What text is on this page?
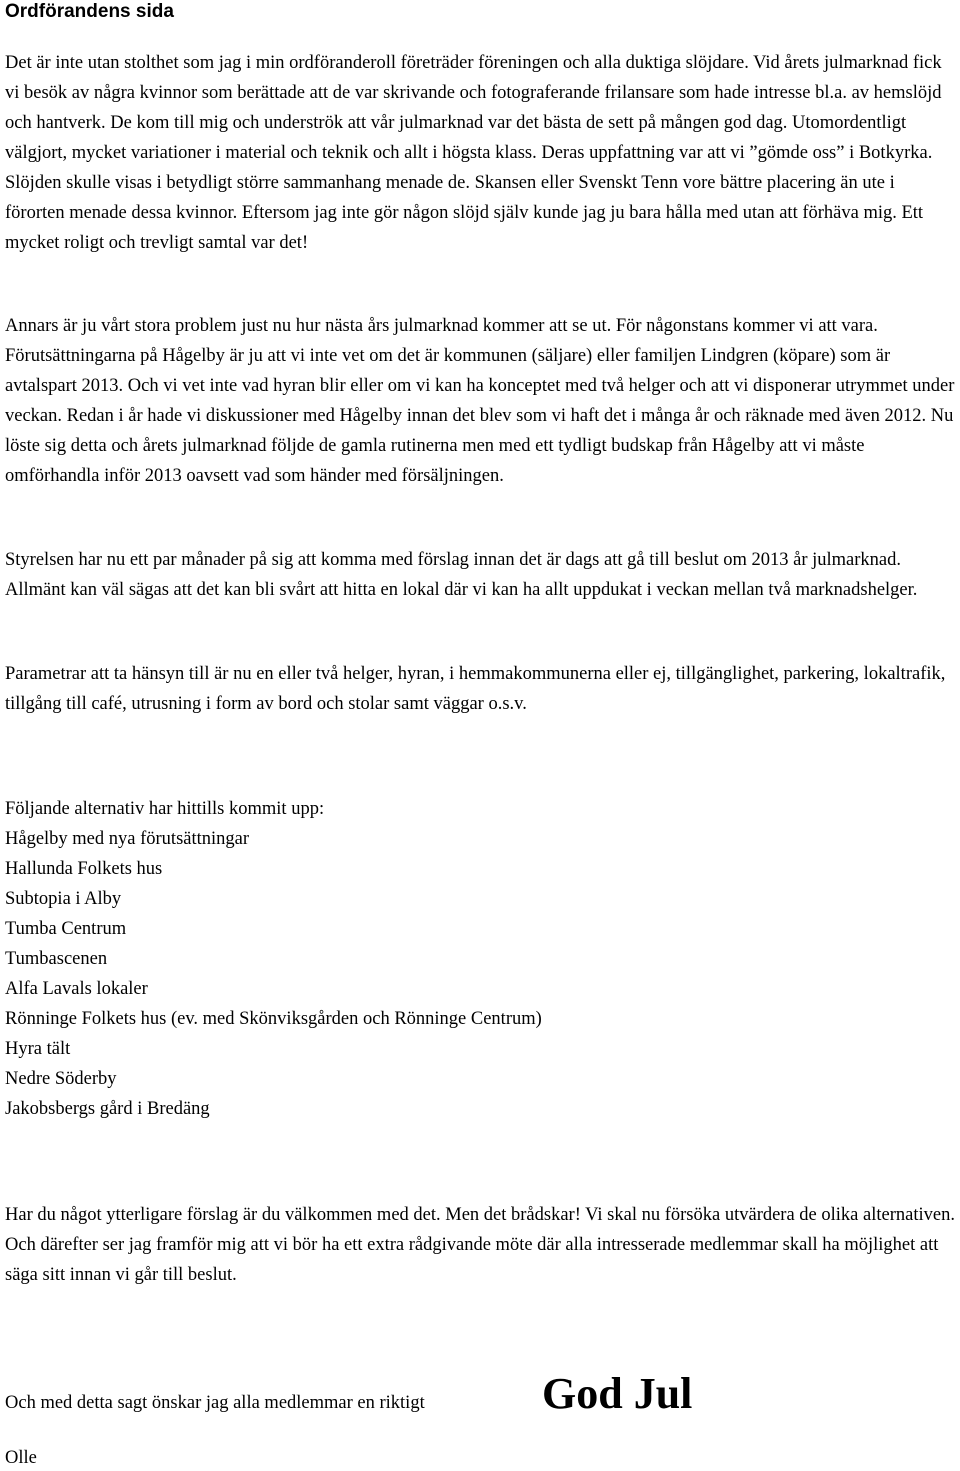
Ordförandens sida

Det är inte utan stolthet som jag i min ordföranderoll företräder föreningen och alla duktiga slöjdare. Vid årets julmarknad fick vi besök av några kvinnor som berättade att de var skrivande och fotograferande frilansare som hade intresse bl.a. av hemslöjd och hantverk. De kom till mig och underströk att vår julmarknad var det bästa de sett på mången god dag. Utomordentligt välgjort, mycket variationer i material och teknik och allt i högsta klass. Deras uppfattning var att vi ”gömde oss” i Botkyrka. Slöjden skulle visas i betydligt större sammanhang menade de. Skansen eller Svenskt Tenn vore bättre placering än ute i förorten menade dessa kvinnor. Eftersom jag inte gör någon slöjd själv kunde jag ju bara hålla med utan att förhäva mig. Ett mycket roligt och trevligt samtal var det!

Annars är ju vårt stora problem just nu hur nästa års julmarknad kommer att se ut. För någonstans kommer vi att vara. Förutsättningarna på Hågelby är ju att vi inte vet om det är kommunen (säljare) eller familjen Lindgren (köpare) som är avtalspart 2013. Och vi vet inte vad hyran blir eller om vi kan ha konceptet med två helger och att vi disponerar utrymmet under veckan. Redan i år hade vi diskussioner med Hågelby innan det blev som vi haft det i många år och räknade med även 2012. Nu löste sig detta och årets julmarknad följde de gamla rutinerna men med ett tydligt budskap från Hågelby att vi måste omförhandla inför 2013 oavsett vad som händer med försäljningen.

Styrelsen har nu ett par månader på sig att komma med förslag innan det är dags att gå till beslut om 2013 år julmarknad. Allmänt kan väl sägas att det kan bli svårt att hitta en lokal där vi kan ha allt uppdukat i veckan mellan två marknadshelger.

Parametrar att ta hänsyn till är nu en eller två helger, hyran, i hemmakommunerna eller ej, tillgänglighet, parkering, lokaltrafik, tillgång till café, utrusning i form av bord och stolar samt väggar o.s.v.

Följande alternativ har hittills kommit upp:
Hågelby med nya förutsättningar
Hallunda Folkets hus
Subtopia i Alby
Tumba Centrum
Tumbascenen
Alfa Lavals lokaler
Rönninge Folkets hus (ev. med Skönviksgården och Rönninge Centrum)
Hyra tält
Nedre Söderby
Jakobsbergs gård i Bredäng

Har du något ytterligare förslag är du välkommen med det. Men det brådskar! Vi skal nu försöka utvärdera de olika alternativen. Och därefter ser jag framför mig att vi bör ha ett extra rådgivande möte där alla intresserade medlemmar skall ha möjlighet att säga sitt innan vi går till beslut.

Och med detta sagt önskar jag alla medlemmar en riktigt	God Jul
Olle
